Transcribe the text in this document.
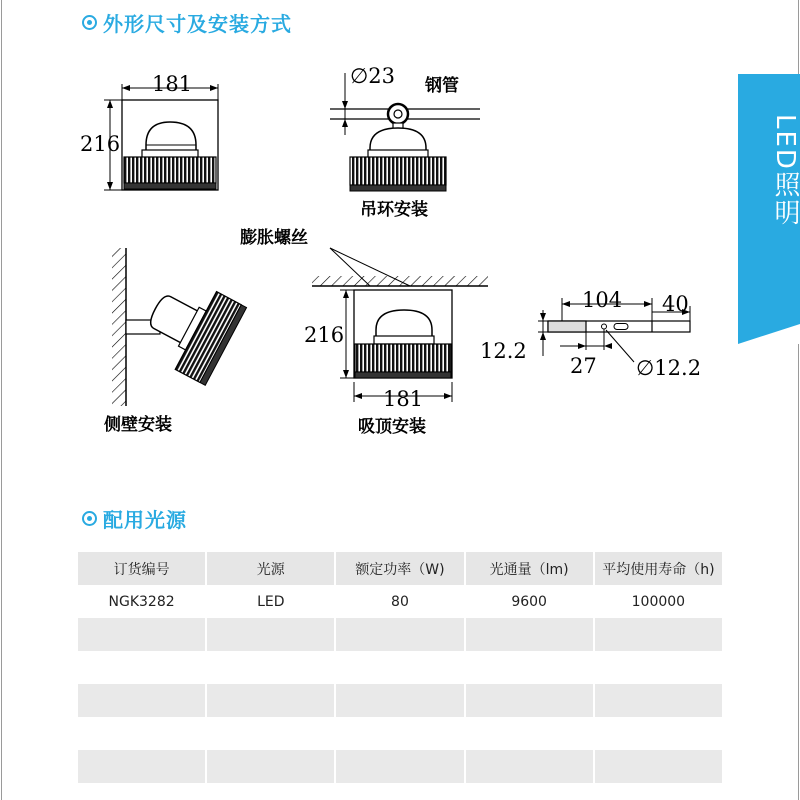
外形尺寸及安装方式
LED照明
181
216
∅23 钢管
吊环安装
侧壁安装
膨胀螺丝
216
181
吸顶安装
104 40
12.2
27 ∅12.2
配用光源
订货编号	光源	额定功率（W)	光通量（lm)	平均使用寿命（h)
NGK3282	LED	80	9600	100000
